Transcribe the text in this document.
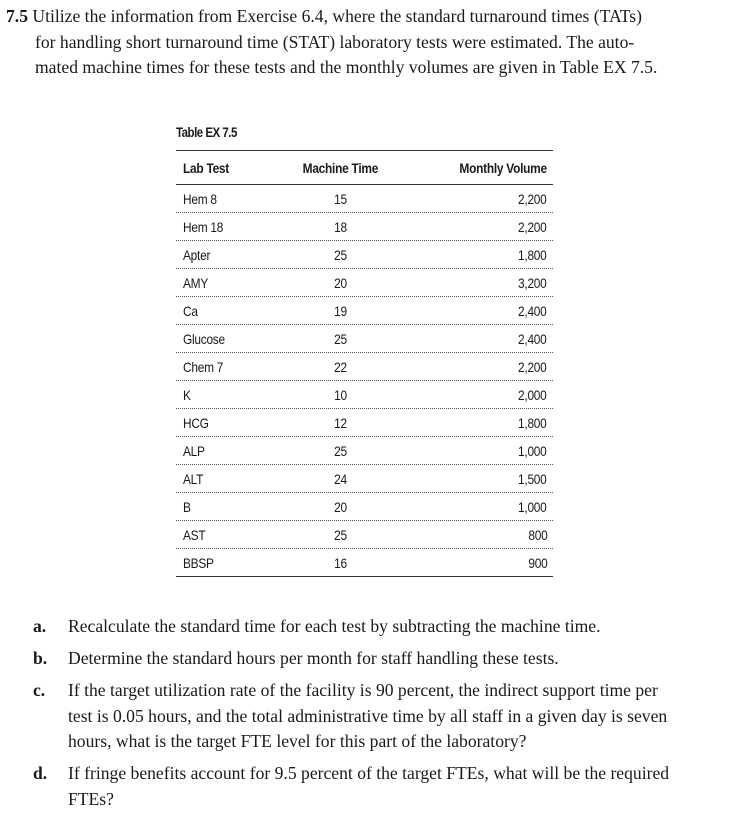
7.5 Utilize the information from Exercise 6.4, where the standard turnaround times (TATs)
for handling short turnaround time (STAT) laboratory tests were estimated. The auto-
mated machine times for these tests and the monthly volumes are given in Table EX 7.5.
Table EX 7.5
Lab Test	Machine Time	Monthly Volume
Hem 8	15	2,200
Hem 18	18	2,200
Apter	25	1,800
AMY	20	3,200
Ca	19	2,400
Glucose	25	2,400
Chem 7	22	2,200
K	10	2,000
HCG	12	1,800
ALP	25	1,000
ALT	24	1,500
B	20	1,000
AST	25	800
BBSP	16	900
a. Recalculate the standard time for each test by subtracting the machine time.
b. Determine the standard hours per month for staff handling these tests.
c. If the target utilization rate of the facility is 90 percent, the indirect support time per
test is 0.05 hours, and the total administrative time by all staff in a given day is seven
hours, what is the target FTE level for this part of the laboratory?
d. If fringe benefits account for 9.5 percent of the target FTEs, what will be the required
FTEs?
